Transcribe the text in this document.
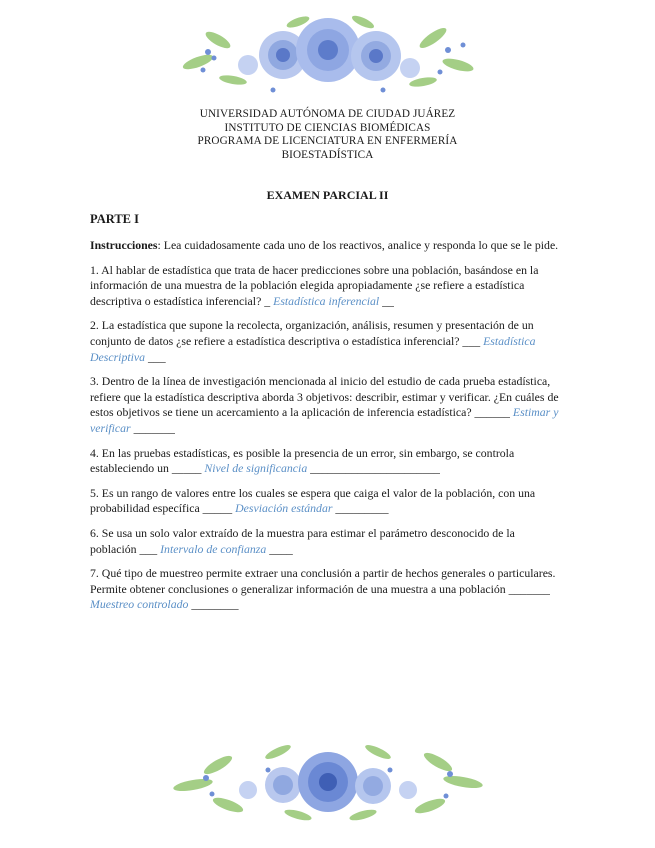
UNIVERSIDAD AUTÓNOMA DE CIUDAD JUÁREZ
INSTITUTO DE CIENCIAS BIOMÉDICAS
PROGRAMA DE LICENCIATURA EN ENFERMERÍA
BIOESTADÍSTICA
EXAMEN PARCIAL II
PARTE I

Instrucciones: Lea cuidadosamente cada uno de los reactivos, analice y responda lo que se le pide.

1. Al hablar de estadística que trata de hacer predicciones sobre una población, basándose en la información de una muestra de la población elegida apropiadamente ¿se refiere a estadística descriptiva o estadística inferencial? _ Estadística inferencial __

2. La estadística que supone la recolecta, organización, análisis, resumen y presentación de un conjunto de datos ¿se refiere a estadística descriptiva o estadística inferencial? ___ Estadística Descriptiva ___

3. Dentro de la línea de investigación mencionada al inicio del estudio de cada prueba estadística, refiere que la estadística descriptiva aborda 3 objetivos: describir, estimar y verificar. ¿En cuáles de estos objetivos se tiene un acercamiento a la aplicación de inferencia estadística? ______ Estimar y verificar _______

4. En las pruebas estadísticas, es posible la presencia de un error, sin embargo, se controla estableciendo un _____ Nivel de significancia ______________________

5. Es un rango de valores entre los cuales se espera que caiga el valor de la población, con una probabilidad específica _____ Desviación estándar _________

6. Se usa un solo valor extraído de la muestra para estimar el parámetro desconocido de la población ___ Intervalo de confianza ____

7. Qué tipo de muestreo permite extraer una conclusión a partir de hechos generales o particulares. Permite obtener conclusiones o generalizar información de una muestra a una población _______ Muestreo controlado ________
